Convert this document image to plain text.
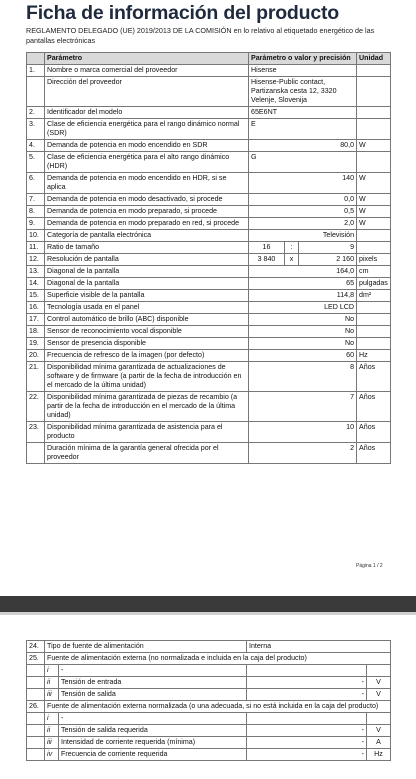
Ficha de información del producto
REGLAMENTO DELEGADO (UE) 2019/2013 DE LA COMISIÓN en lo relativo al etiquetado energético de las pantallas electrónicas
	Parámetro	Parámetro o valor y precisión			Unidad
1.	Nombre o marca comercial del proveedor	Hisense			
	Dirección del proveedor	Hisense-Public contact, Partizanska cesta 12, 3320 Velenje, Slovenija			
2.	Identificador del modelo	65E6NT			
3.	Clase de eficiencia energética para el rango dinámico normal (SDR)	E			
4.	Demanda de potencia en modo encendido en SDR	80,0			W
5.	Clase de eficiencia energética para el alto rango dinámico (HDR)	G			
6.	Demanda de potencia en modo encendido en HDR, si se aplica	140			W
7.	Demanda de potencia en modo desactivado, si procede	0,0			W
8.	Demanda de potencia en modo preparado, si procede	0,5			W
9.	Demanda de potencia en modo preparado en red, si procede	2,0			W
10.	Categoría de pantalla electrónica	Televisión			
11.	Ratio de tamaño	16	:	9	
12.	Resolución de pantalla	3 840	x	2 160	pixels
13.	Diagonal de la pantalla	164,0			cm
14.	Diagonal de la pantalla	65			pulgadas
15.	Superficie visible de la pantalla	114,8			dm²
16.	Tecnología usada en el panel	LED LCD			
17.	Control automático de brillo (ABC) disponible	No			
18.	Sensor de reconocimiento vocal disponible	No			
19.	Sensor de presencia disponible	No			
20.	Frecuencia de refresco de la imagen (por defecto)	60			Hz
21.	Disponibilidad mínima garantizada de actualizaciones de software y de firmware (a partir de la fecha de introducción en el mercado de la última unidad)	8			Años
22.	Disponibilidad mínima garantizada de piezas de recambio (a partir de la fecha de introducción en el mercado de la última unidad)	7			Años
23.	Disponibilidad mínima garantizada de asistencia para el producto	10			Años
	Duración mínima de la garantía general ofrecida por el proveedor	2			Años
Página 1 / 2
24.	Tipo de fuente de alimentación		Interna	
25.	Fuente de alimentación externa (no normalizada e incluida en la caja del producto)			
	i	-		
	ii	Tensión de entrada	-	V
	iii	Tensión de salida	-	V
26.	Fuente de alimentación externa normalizada (o una adecuada, si no está incluida en la caja del producto)			
	i	-		
	ii	Tensión de salida requerida	-	V
	iii	Intensidad de corriente requerida (mínima)	-	A
	iv	Frecuencia de corriente requerida	-	Hz
